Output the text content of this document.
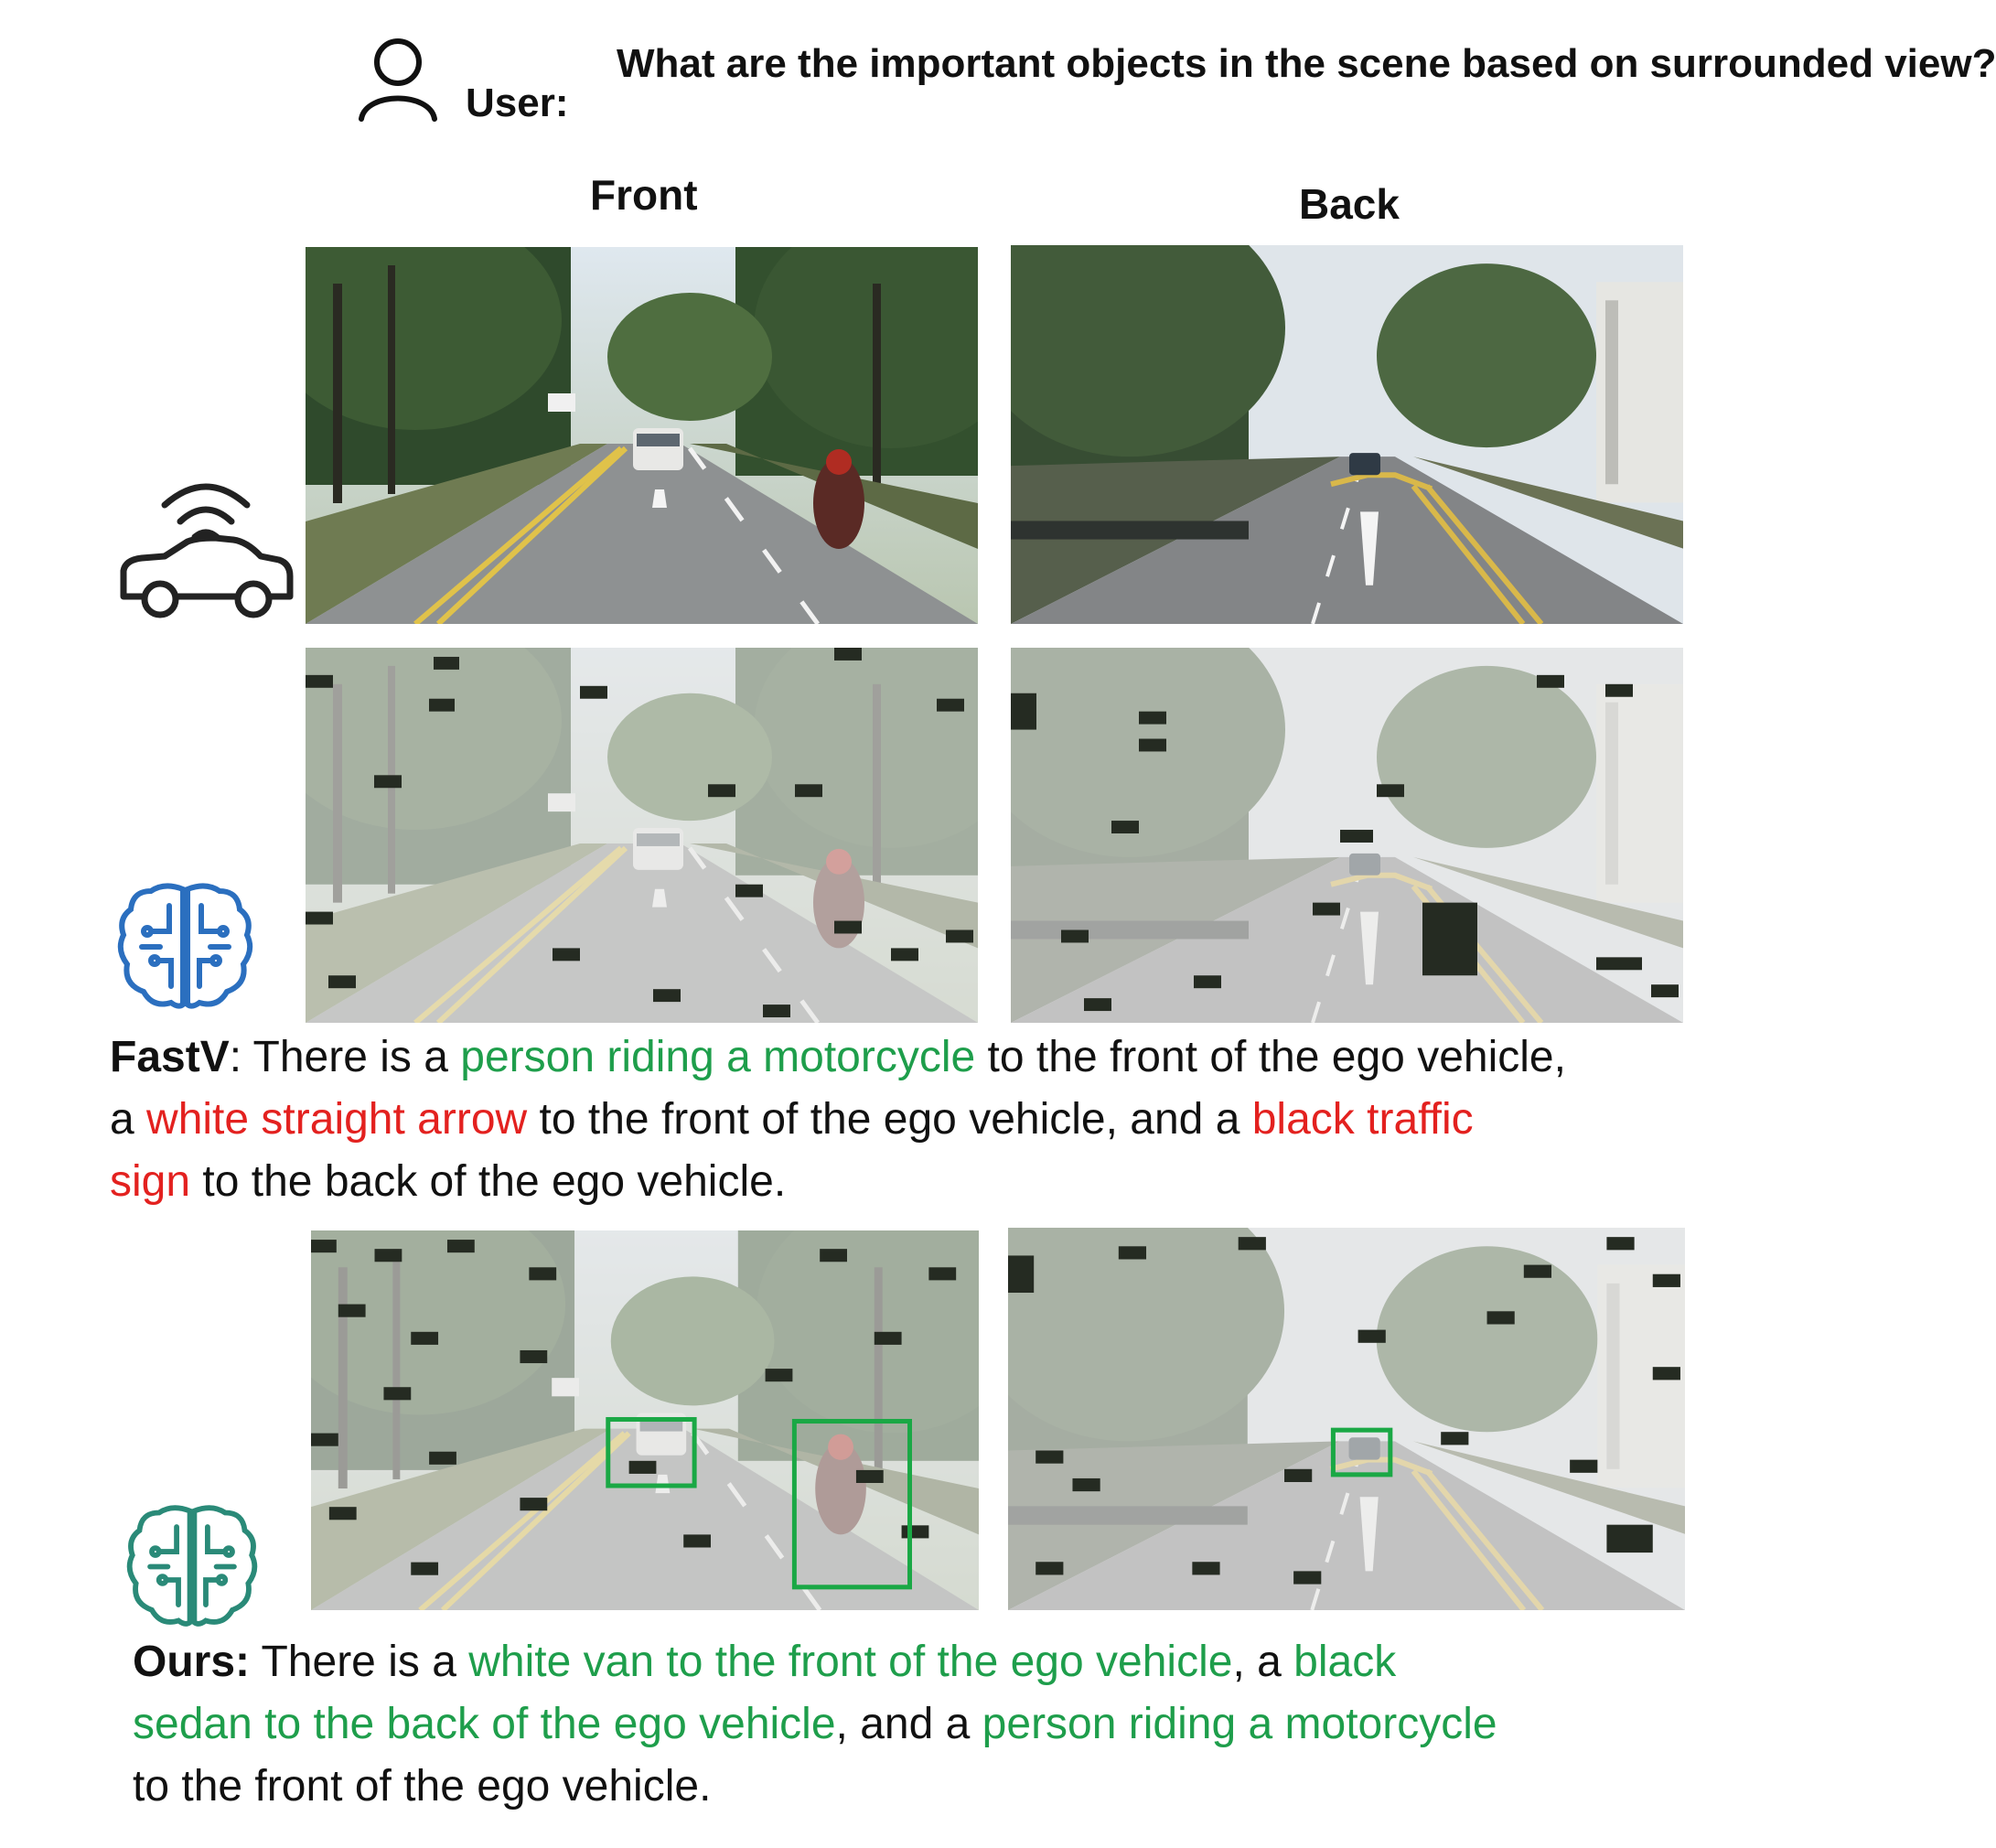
User:
What are the important objects in the scene based on surrounded view?
Front	Back
FastV: There is a person riding a motorcycle to the front of the ego vehicle,
a white straight arrow to the front of the ego vehicle, and a black traffic
sign to the back of the ego vehicle.
Ours: There is a white van to the front of the ego vehicle, a black
sedan to the back of the ego vehicle, and a person riding a motorcycle
to the front of the ego vehicle.
